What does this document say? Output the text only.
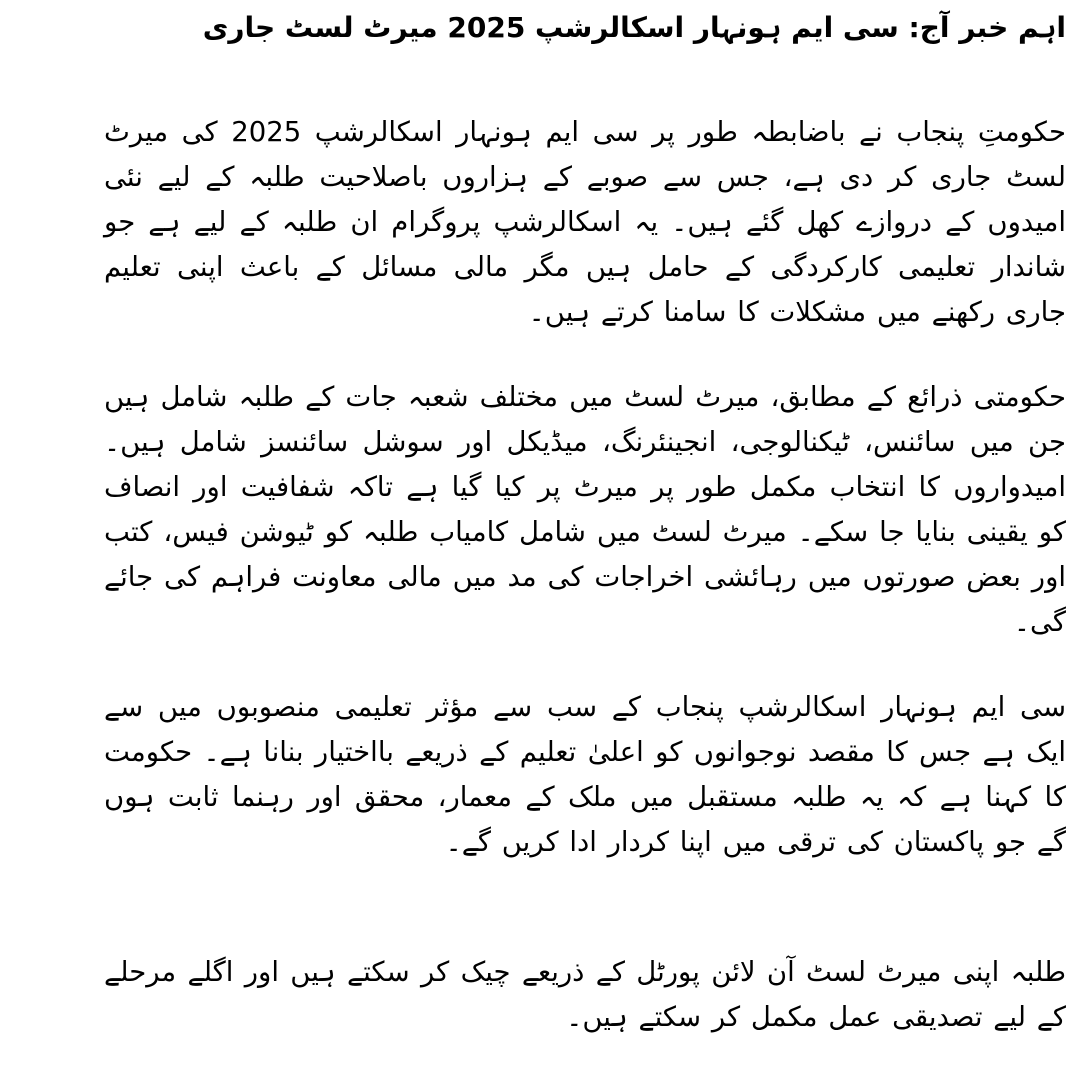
اہم خبر آج: سی ایم ہونہار اسکالرشپ 2025 میرٹ لسٹ جاری

حکومتِ پنجاب نے باضابطہ طور پر سی ایم ہونہار اسکالرشپ 2025 کی میرٹ لسٹ جاری کر دی ہے، جس سے صوبے کے ہزاروں باصلاحیت طلبہ کے لیے نئی امیدوں کے دروازے کھل گئے ہیں۔ یہ اسکالرشپ پروگرام ان طلبہ کے لیے ہے جو شاندار تعلیمی کارکردگی کے حامل ہیں مگر مالی مسائل کے باعث اپنی تعلیم جاری رکھنے میں مشکلات کا سامنا کرتے ہیں۔

حکومتی ذرائع کے مطابق، میرٹ لسٹ میں مختلف شعبہ جات کے طلبہ شامل ہیں جن میں سائنس، ٹیکنالوجی، انجینئرنگ، میڈیکل اور سوشل سائنسز شامل ہیں۔ امیدواروں کا انتخاب مکمل طور پر میرٹ پر کیا گیا ہے تاکہ شفافیت اور انصاف کو یقینی بنایا جا سکے۔ میرٹ لسٹ میں شامل کامیاب طلبہ کو ٹیوشن فیس، کتب اور بعض صورتوں میں رہائشی اخراجات کی مد میں مالی معاونت فراہم کی جائے گی۔

سی ایم ہونہار اسکالرشپ پنجاب کے سب سے مؤثر تعلیمی منصوبوں میں سے ایک ہے جس کا مقصد نوجوانوں کو اعلیٰ تعلیم کے ذریعے بااختیار بنانا ہے۔ حکومت کا کہنا ہے کہ یہ طلبہ مستقبل میں ملک کے معمار، محقق اور رہنما ثابت ہوں گے جو پاکستان کی ترقی میں اپنا کردار ادا کریں گے۔

طلبہ اپنی میرٹ لسٹ آن لائن پورٹل کے ذریعے چیک کر سکتے ہیں اور اگلے مرحلے کے لیے تصدیقی عمل مکمل کر سکتے ہیں۔
